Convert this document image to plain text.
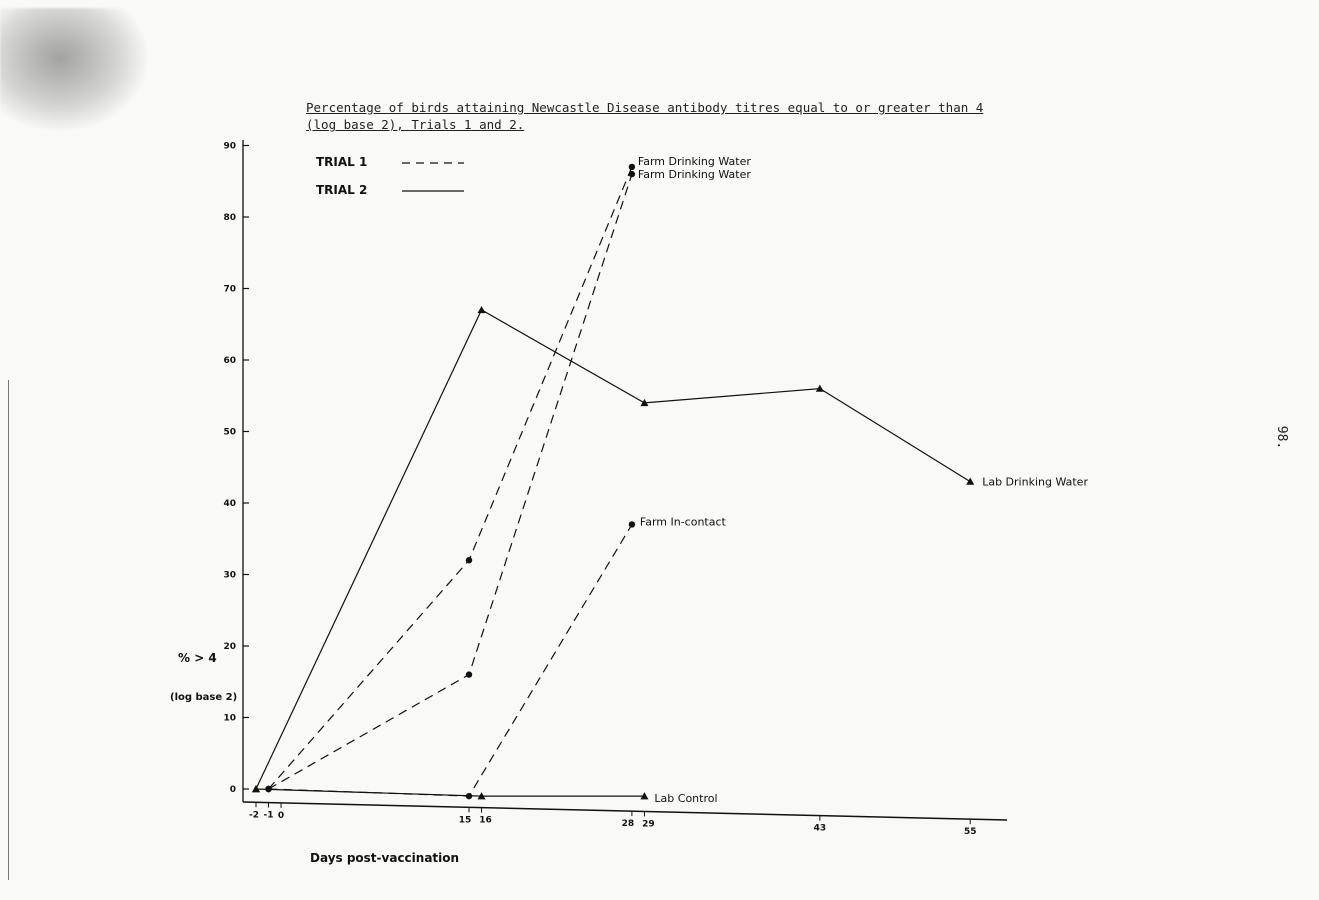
Percentage of birds attaining Newcastle Disease antibody titres equal to or greater than 4
(log base 2), Trials 1 and 2.
98.
0
10
20
30
40
50
60
70
80
90
-2 -1 0	15 16	28 29	43	55
Days post-vaccination
% > 4
(log base 2)
TRIAL 1
TRIAL 2
Farm Drinking Water
Farm Drinking Water
Farm In-contact
Lab Drinking Water
Lab Control
